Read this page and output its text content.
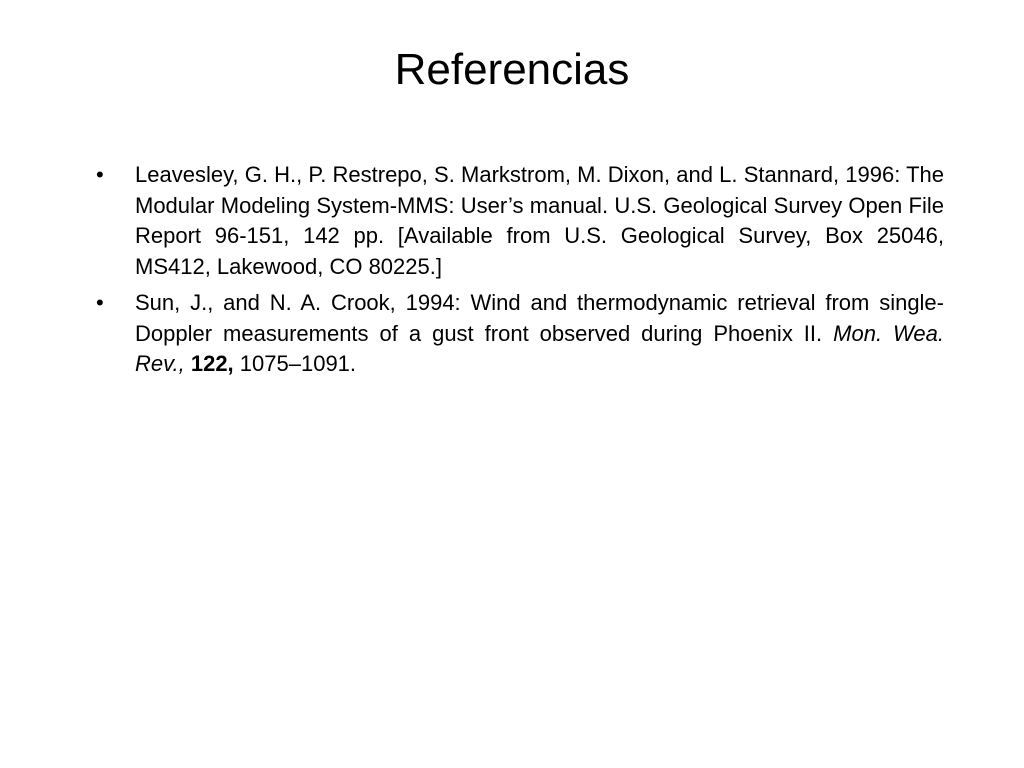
Referencias
•	Leavesley, G. H., P. Restrepo, S. Markstrom, M. Dixon, and L. Stannard, 1996: The Modular Modeling System-MMS: User’s manual. U.S. Geological Survey Open File Report 96-151, 142 pp. [Available from U.S. Geological Survey, Box 25046, MS412, Lakewood, CO 80225.]
•	Sun, J., and N. A. Crook, 1994: Wind and thermodynamic retrieval from single-Doppler measurements of a gust front observed during Phoenix II. Mon. Wea. Rev., 122, 1075–1091.
